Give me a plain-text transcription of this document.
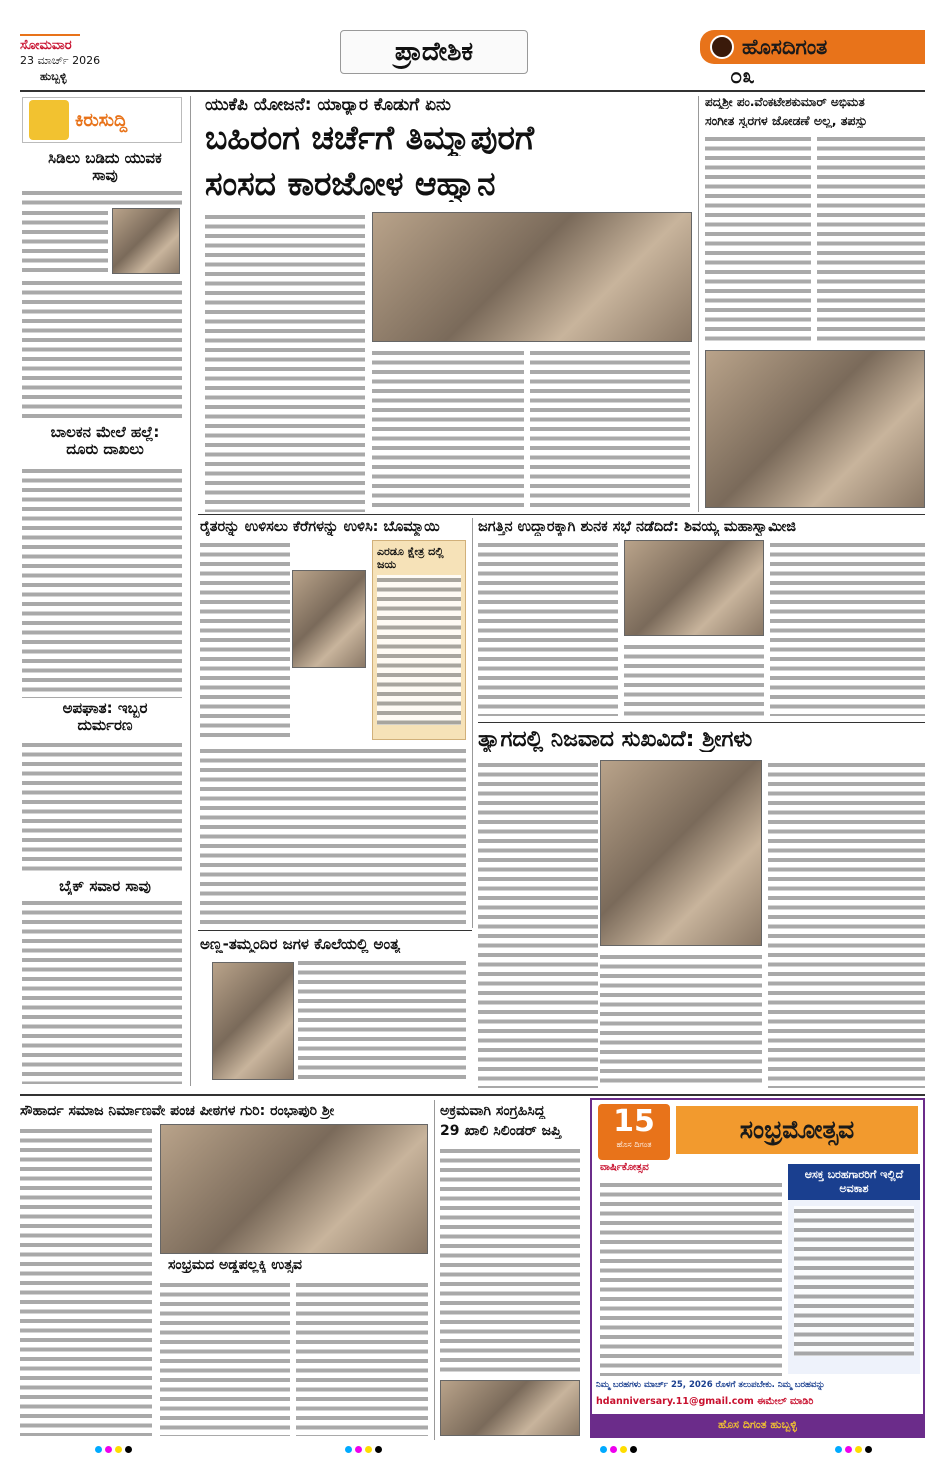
ಸೋಮವಾರ
23 ಮಾರ್ಚ್ 2026
ಹುಬ್ಬಳ್ಳಿ
ಪ್ರಾದೇಶಿಕ	ಹೊಸದಿಗಂತ
೦೩
ಕಿರುಸುದ್ದಿ
ಸಿಡಿಲು ಬಡಿದು ಯುವಕ ಸಾವು
ಬಾಲಕನ ಮೇಲೆ ಹಲ್ಲೆ: ದೂರು ದಾಖಲು
ಅಪಘಾತ: ಇಬ್ಬರ ದುರ್ಮರಣ
ಬೈಕ್ ಸವಾರ ಸಾವು
ಯುಕೆಪಿ ಯೋಜನೆ: ಯಾರ್‍ಯಾರ ಕೊಡುಗೆ ಏನು
ಬಹಿರಂಗ ಚರ್ಚೆಗೆ ತಿಮ್ಮಾಪುರಗೆ
ಸಂಸದ ಕಾರಜೋಳ ಆಹ್ವಾನ
ಪದ್ಮಶ್ರೀ ಪಂ.ವೆಂಕಟೇಶಕುಮಾರ್ ಅಭಿಮತ
ಸಂಗೀತ ಸ್ವರಗಳ ಜೋಡಣೆ ಅಲ್ಲ, ತಪಸ್ಸು
ರೈತರನ್ನು ಉಳಿಸಲು ಕೆರೆಗಳನ್ನು ಉಳಿಸಿ: ಬೊಮ್ಮಾಯಿ
ಎರಡೂ ಕ್ಷೇತ್ರ ದಲ್ಲಿ ಜಯ
ಜಗತ್ತಿನ ಉದ್ದಾರಕ್ಕಾಗಿ ಶುನಕ ಸಭೆ ನಡೆದಿದೆ: ಶಿವಯ್ಯ ಮಹಾಸ್ವಾಮೀಜಿ
ತ್ಯಾಗದಲ್ಲಿ ನಿಜವಾದ ಸುಖವಿದೆ: ಶ್ರೀಗಳು
ಅಣ್ಣ-ತಮ್ಮಂದಿರ ಜಗಳ ಕೊಲೆಯಲ್ಲಿ ಅಂತ್ಯ
ಸೌಹಾರ್ದ ಸಮಾಜ ನಿರ್ಮಾಣವೇ ಪಂಚ ಪೀಠಗಳ ಗುರಿ: ರಂಭಾಪುರಿ ಶ್ರೀ
ಸಂಭ್ರಮದ ಅಡ್ಡಪಲ್ಲಕ್ಕಿ ಉತ್ಸವ
ಅಕ್ರಮವಾಗಿ ಸಂಗ್ರಹಿಸಿದ್ದ
29 ಖಾಲಿ ಸಿಲಿಂಡರ್ ಜಪ್ತಿ	15
ಹೊಸ ದಿಗಂತ
ವಾರ್ಷಿಕೋತ್ಸವ
ಸಂಭ್ರಮೋತ್ಸವ
ಆಸಕ್ತ ಬರಹಗಾರರಿಗೆ ಇಲ್ಲಿದೆ ಅವಕಾಶ
ನಿಮ್ಮ ಬರಹಗಳು ಮಾರ್ಚ್ 25, 2026 ರೊಳಗೆ ತಲುಪಬೇಕು. ನಿಮ್ಮ ಬರಹವನ್ನು
hdanniversary.11@gmail.com ಈಮೇಲ್ ಮಾಡಿರಿ
ಹೊಸ ದಿಗಂತ ಹುಬ್ಬಳ್ಳಿ
